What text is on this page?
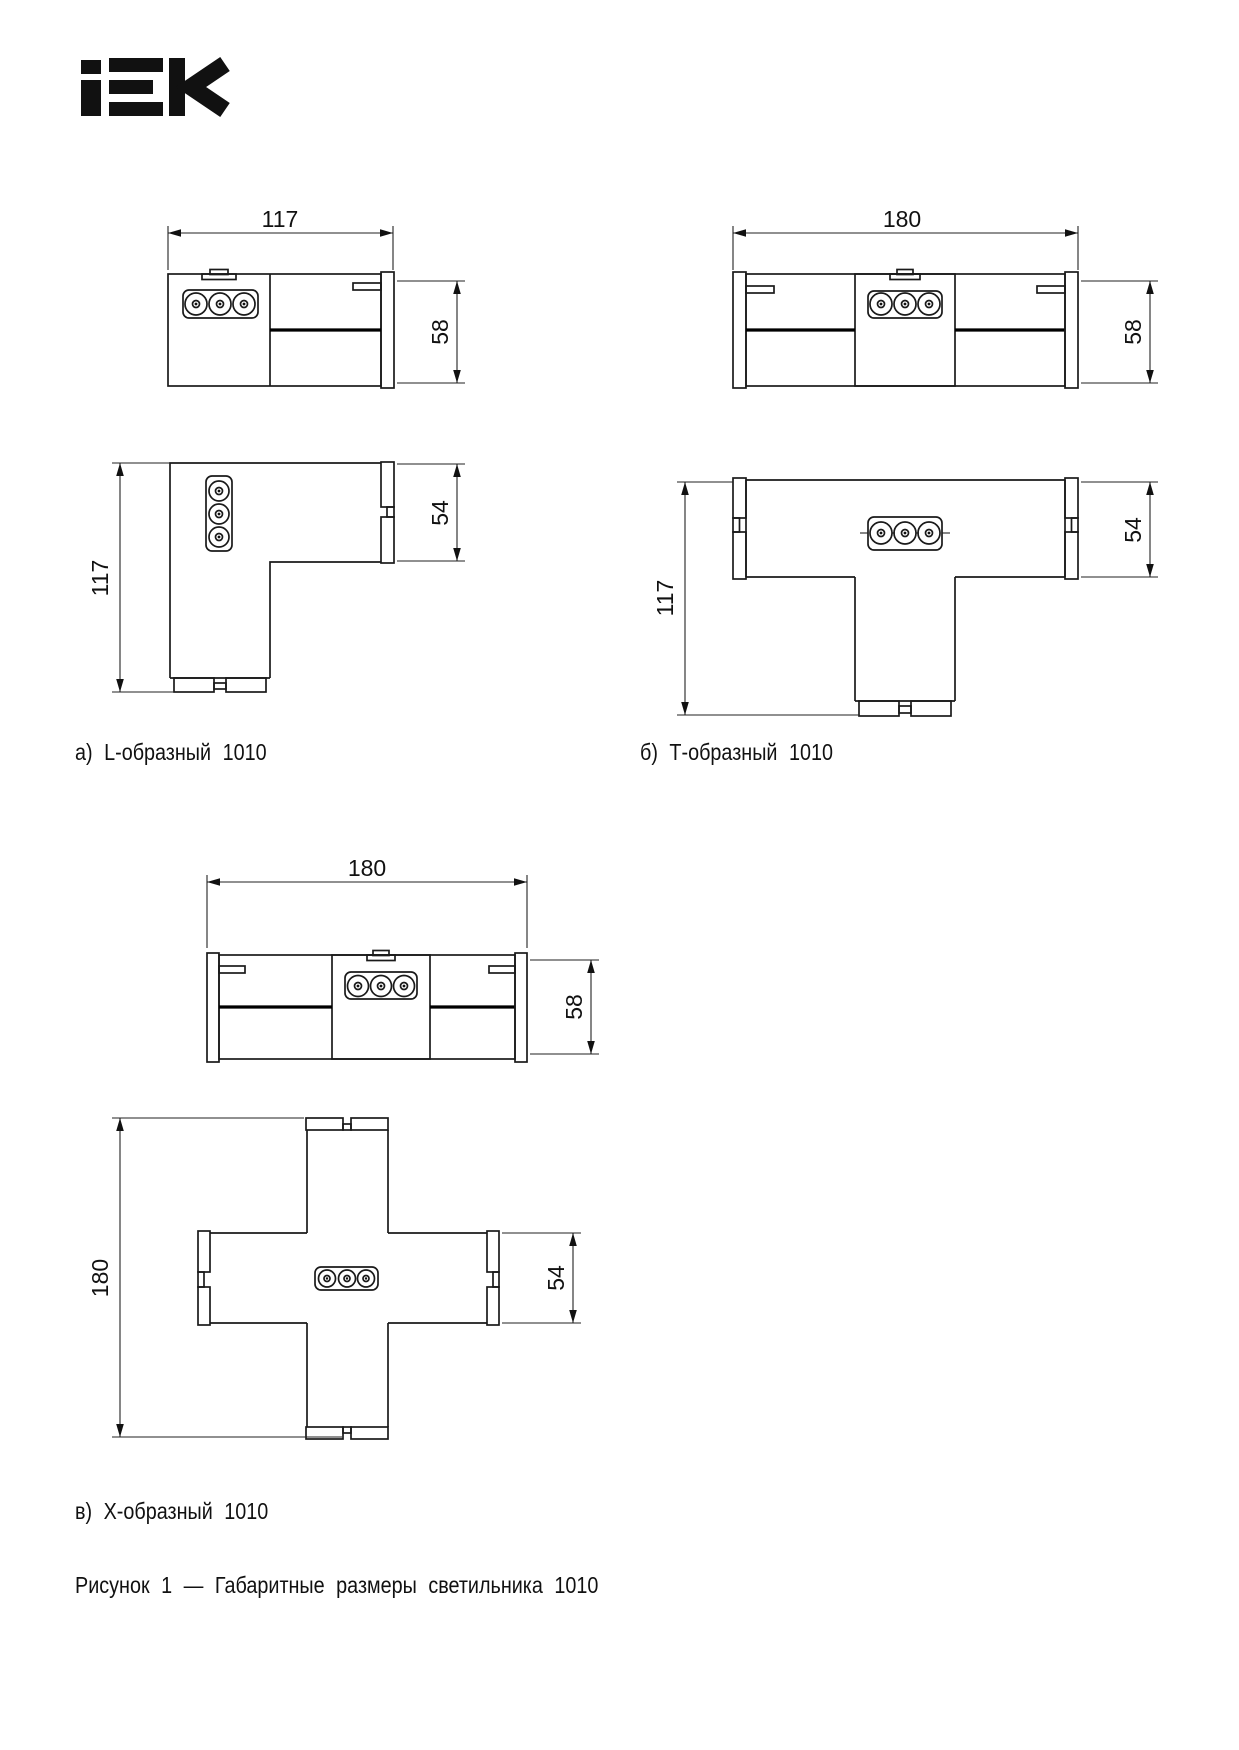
117
58
117
54
180
58
117
54
а) L-образный 1010	б) Т-образный 1010
180
58
180	54
в) Х-образный 1010
Рисунок 1 — Габаритные размеры светильника 1010
